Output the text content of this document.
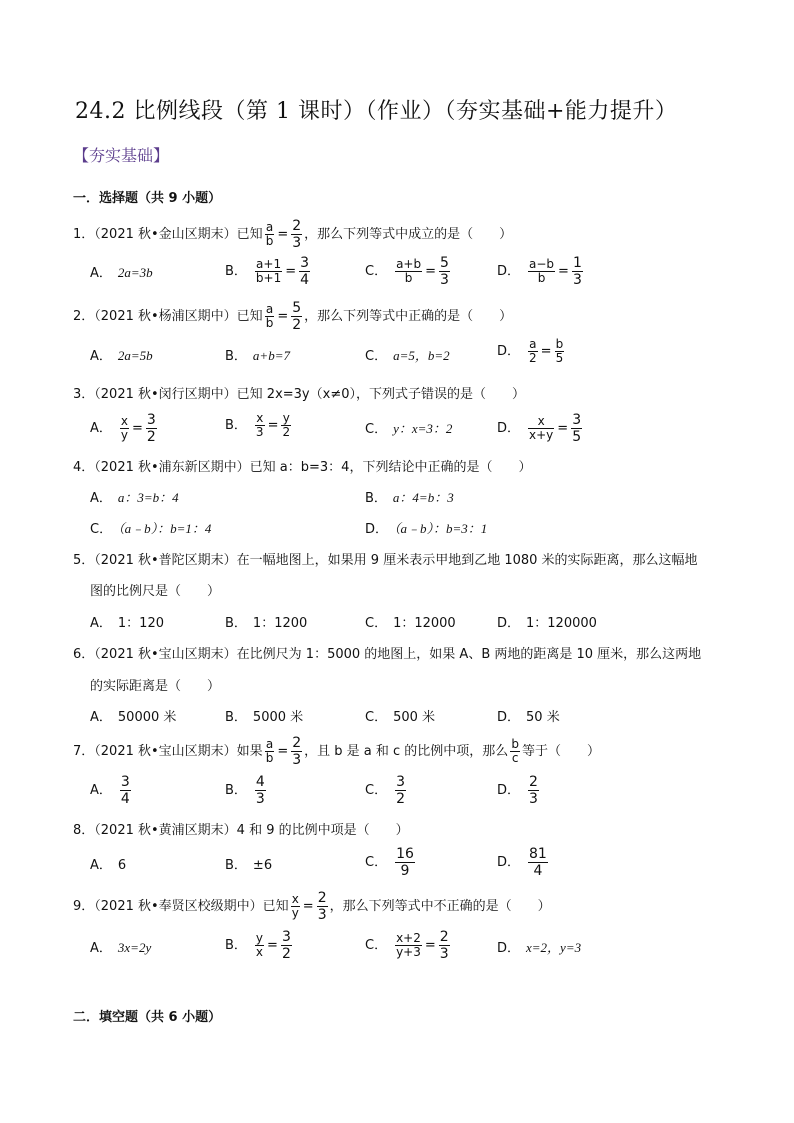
24.2 比例线段（第 1 课时）（作业）（夯实基础+能力提升）
【夯实基础】
一．选择题（共 9 小题）
1．（2021 秋•金山区期末）已知 $\frac{a}{b} = \frac{2}{3}$ ，那么下列等式中成立的是（　　）
A． 2a=3b	B． $\frac{a+1}{b+1} = \frac{3}{4}$	C． $\frac{a+b}{b} = \frac{5}{3}$	D． $\frac{a-b}{b} = \frac{1}{3}$
2．（2021 秋•杨浦区期中）已知 $\frac{a}{b} = \frac{5}{2}$ ，那么下列等式中正确的是（　　）
A． 2a=5b	B． a+b=7	C． a=5，b=2	D． $\frac{a}{2} = \frac{b}{5}$
3．（2021 秋•闵行区期中）已知 2x=3y（x≠0），下列式子错误的是（　　）
A． $\frac{x}{y} = \frac{3}{2}$	B． $\frac{x}{3} = \frac{y}{2}$	C． y：x=3：2	D． $\frac{x}{x+y} = \frac{3}{5}$
4．（2021 秋•浦东新区期中）已知 a：b=3：4，下列结论中正确的是（　　）
A． a：3=b：4	B． a：4=b：3
C． （a﹣b）：b=1：4	D． （a﹣b）：b=3：1
5．（2021 秋•普陀区期末）在一幅地图上，如果用 9 厘米表示甲地到乙地 1080 米的实际距离，那么这幅地
图的比例尺是（　　）
A． 1：120	B． 1：1200	C． 1：12000	D． 1：120000
6．（2021 秋•宝山区期末）在比例尺为 1：5000 的地图上，如果 A、B 两地的距离是 10 厘米，那么这两地
的实际距离是（　　）
A． 50000 米	B． 5000 米	C． 500 米	D． 50 米
7．（2021 秋•宝山区期末）如果 $\frac{a}{b} = \frac{2}{3}$ ，且 b 是 a 和 c 的比例中项，那么 $\frac{b}{c}$ 等于（　　）
A． $\frac{3}{4}$	B． $\frac{4}{3}$	C． $\frac{3}{2}$	D． $\frac{2}{3}$
8．（2021 秋•黄浦区期末）4 和 9 的比例中项是（　　）
A． 6	B． ±6	C． $\frac{16}{9}$	D． $\frac{81}{4}$
9．（2021 秋•奉贤区校级期中）已知 $\frac{x}{y} = \frac{2}{3}$ ，那么下列等式中不正确的是（　　）
A． 3x=2y	B． $\frac{y}{x} = \frac{3}{2}$	C． $\frac{x+2}{y+3} = \frac{2}{3}$	D． x=2，y=3
二．填空题（共 6 小题）
